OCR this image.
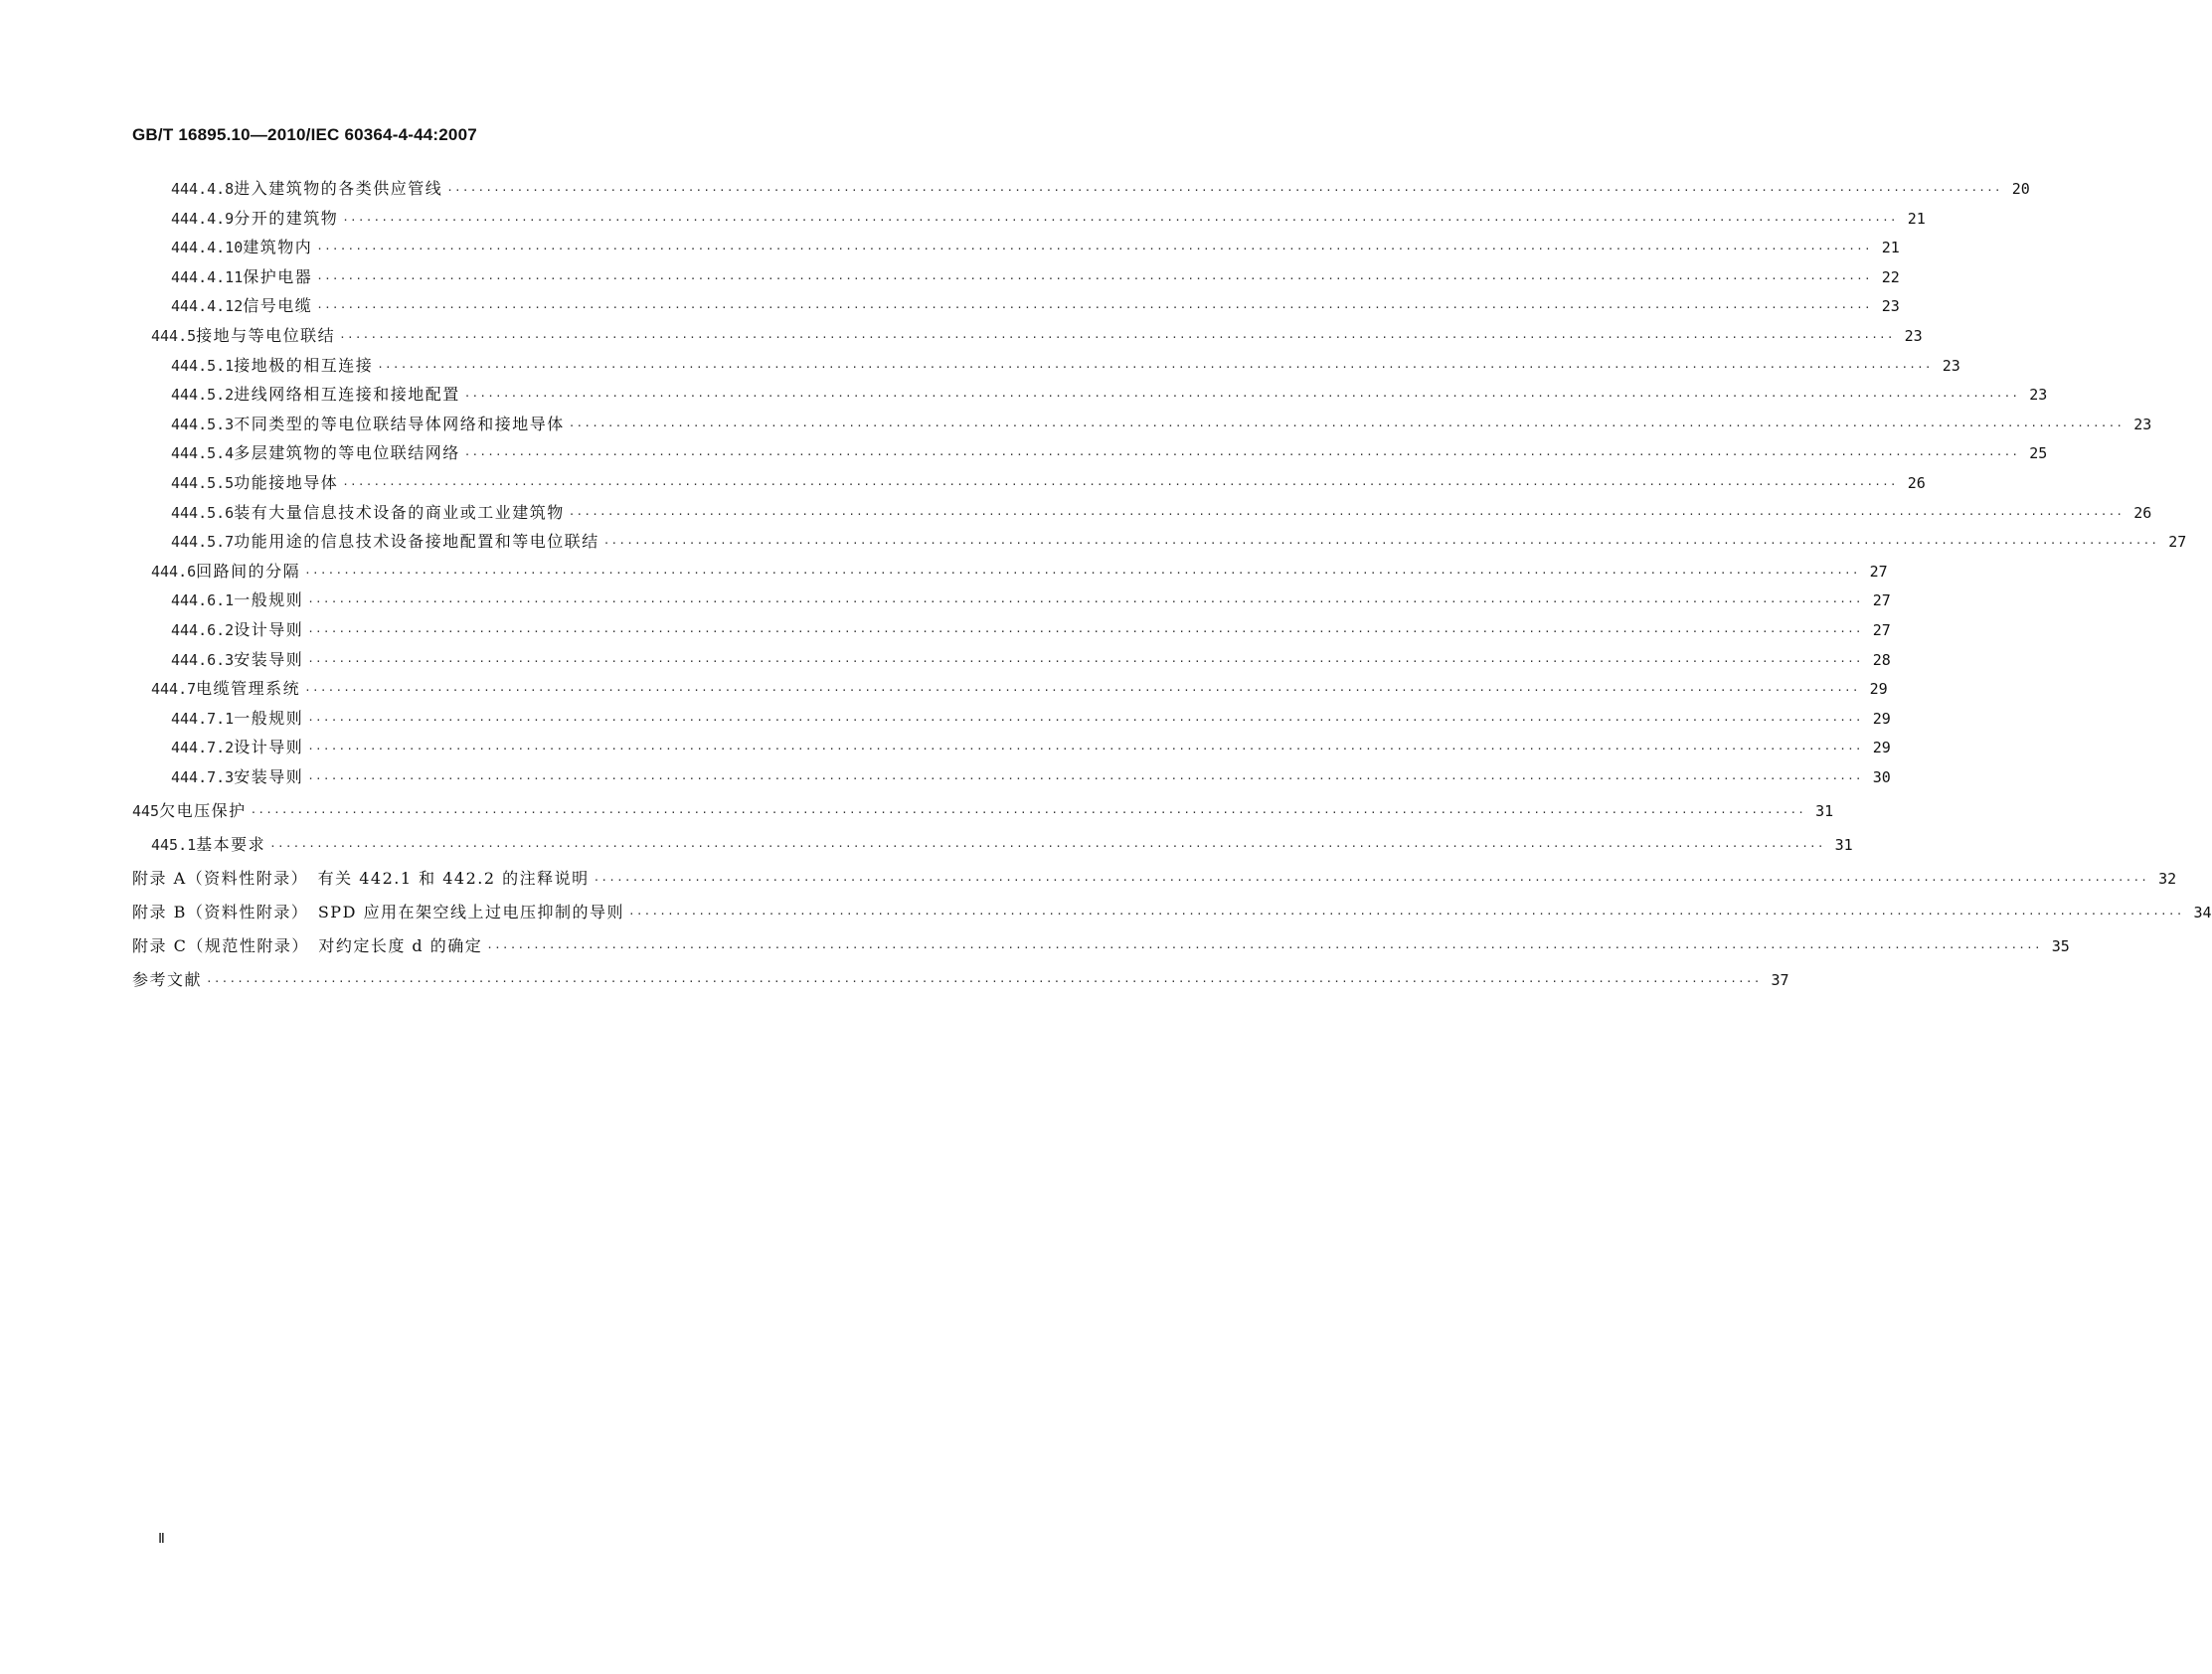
GB/T 16895.10—2010/IEC 60364-4-44:2007
444.4.8 进入建筑物的各类供应管线 ········································································································································································································ 20
444.4.9 分开的建筑物 ········································································································································································································ 21
444.4.10 建筑物内 ········································································································································································································ 21
444.4.11 保护电器 ········································································································································································································ 22
444.4.12 信号电缆 ········································································································································································································ 23
444.5 接地与等电位联结 ········································································································································································································ 23
444.5.1 接地极的相互连接 ········································································································································································································ 23
444.5.2 进线网络相互连接和接地配置 ········································································································································································································ 23
444.5.3 不同类型的等电位联结导体网络和接地导体 ········································································································································································································ 23
444.5.4 多层建筑物的等电位联结网络 ········································································································································································································ 25
444.5.5 功能接地导体 ········································································································································································································ 26
444.5.6 装有大量信息技术设备的商业或工业建筑物 ········································································································································································································ 26
444.5.7 功能用途的信息技术设备接地配置和等电位联结 ········································································································································································································ 27
444.6 回路间的分隔 ········································································································································································································ 27
444.6.1 一般规则 ········································································································································································································ 27
444.6.2 设计导则 ········································································································································································································ 27
444.6.3 安装导则 ········································································································································································································ 28
444.7 电缆管理系统 ········································································································································································································ 29
444.7.1 一般规则 ········································································································································································································ 29
444.7.2 设计导则 ········································································································································································································ 29
444.7.3 安装导则 ········································································································································································································ 30
445 欠电压保护 ········································································································································································································ 31
445.1 基本要求 ········································································································································································································ 31
附录 A（资料性附录）　有关 442.1 和 442.2 的注释说明 ········································································································································································································ 32
附录 B（资料性附录）　SPD 应用在架空线上过电压抑制的导则 ········································································································································································································ 34
附录 C（规范性附录）　对约定长度 d 的确定 ········································································································································································································ 35
参考文献 ········································································································································································································ 37
Ⅱ
